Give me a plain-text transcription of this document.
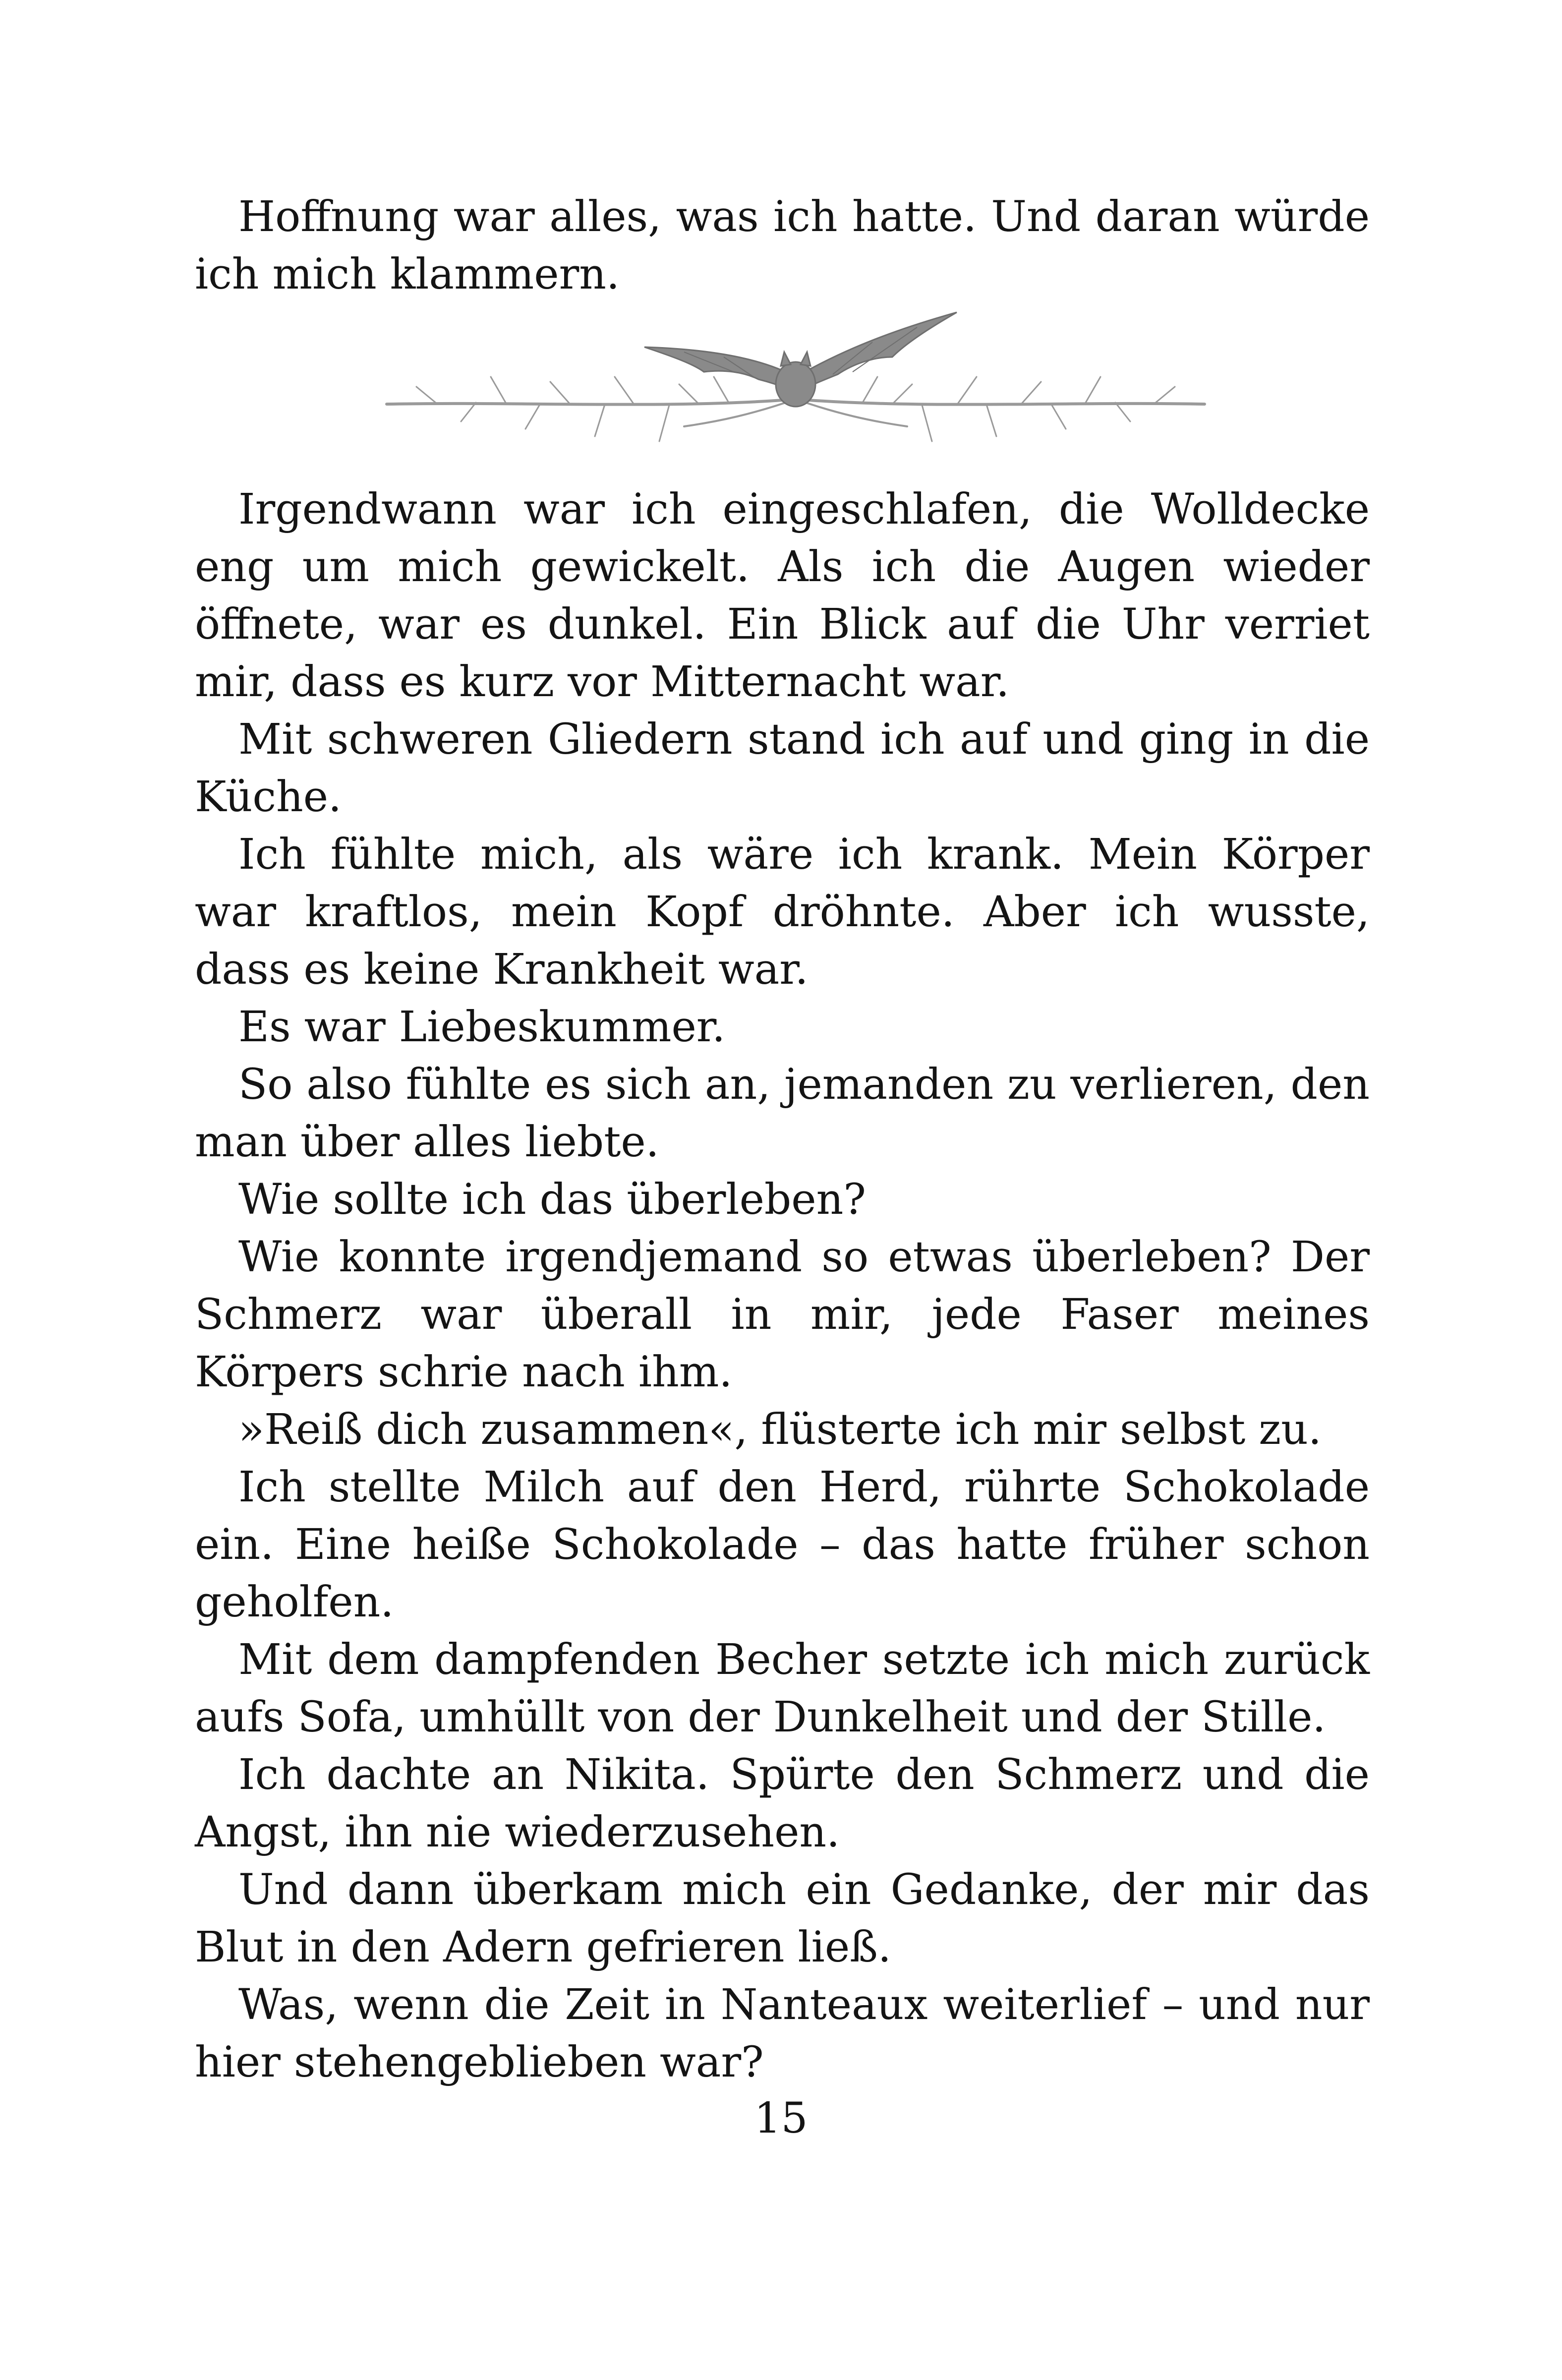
Hoffnung war alles, was ich hatte. Und daran würde ich mich klammern.

Irgendwann war ich eingeschlafen, die Wolldecke eng um mich gewickelt. Als ich die Augen wieder öffnete, war es dunkel. Ein Blick auf die Uhr verriet mir, dass es kurz vor Mitternacht war.

Mit schweren Gliedern stand ich auf und ging in die Küche.

Ich fühlte mich, als wäre ich krank. Mein Körper war kraftlos, mein Kopf dröhnte. Aber ich wusste, dass es keine Krankheit war.

Es war Liebeskummer.

So also fühlte es sich an, jemanden zu verlieren, den man über alles liebte.

Wie sollte ich das überleben?

Wie konnte irgendjemand so etwas überleben? Der Schmerz war überall in mir, jede Faser meines Körpers schrie nach ihm.

»Reiß dich zusammen«, flüsterte ich mir selbst zu.

Ich stellte Milch auf den Herd, rührte Schokolade ein. Eine heiße Schokolade – das hatte früher schon geholfen.

Mit dem dampfenden Becher setzte ich mich zurück aufs Sofa, umhüllt von der Dunkelheit und der Stille.

Ich dachte an Nikita. Spürte den Schmerz und die Angst, ihn nie wiederzusehen.

Und dann überkam mich ein Gedanke, der mir das Blut in den Adern gefrieren ließ.

Was, wenn die Zeit in Nanteaux weiterlief – und nur hier stehengeblieben war?

15
